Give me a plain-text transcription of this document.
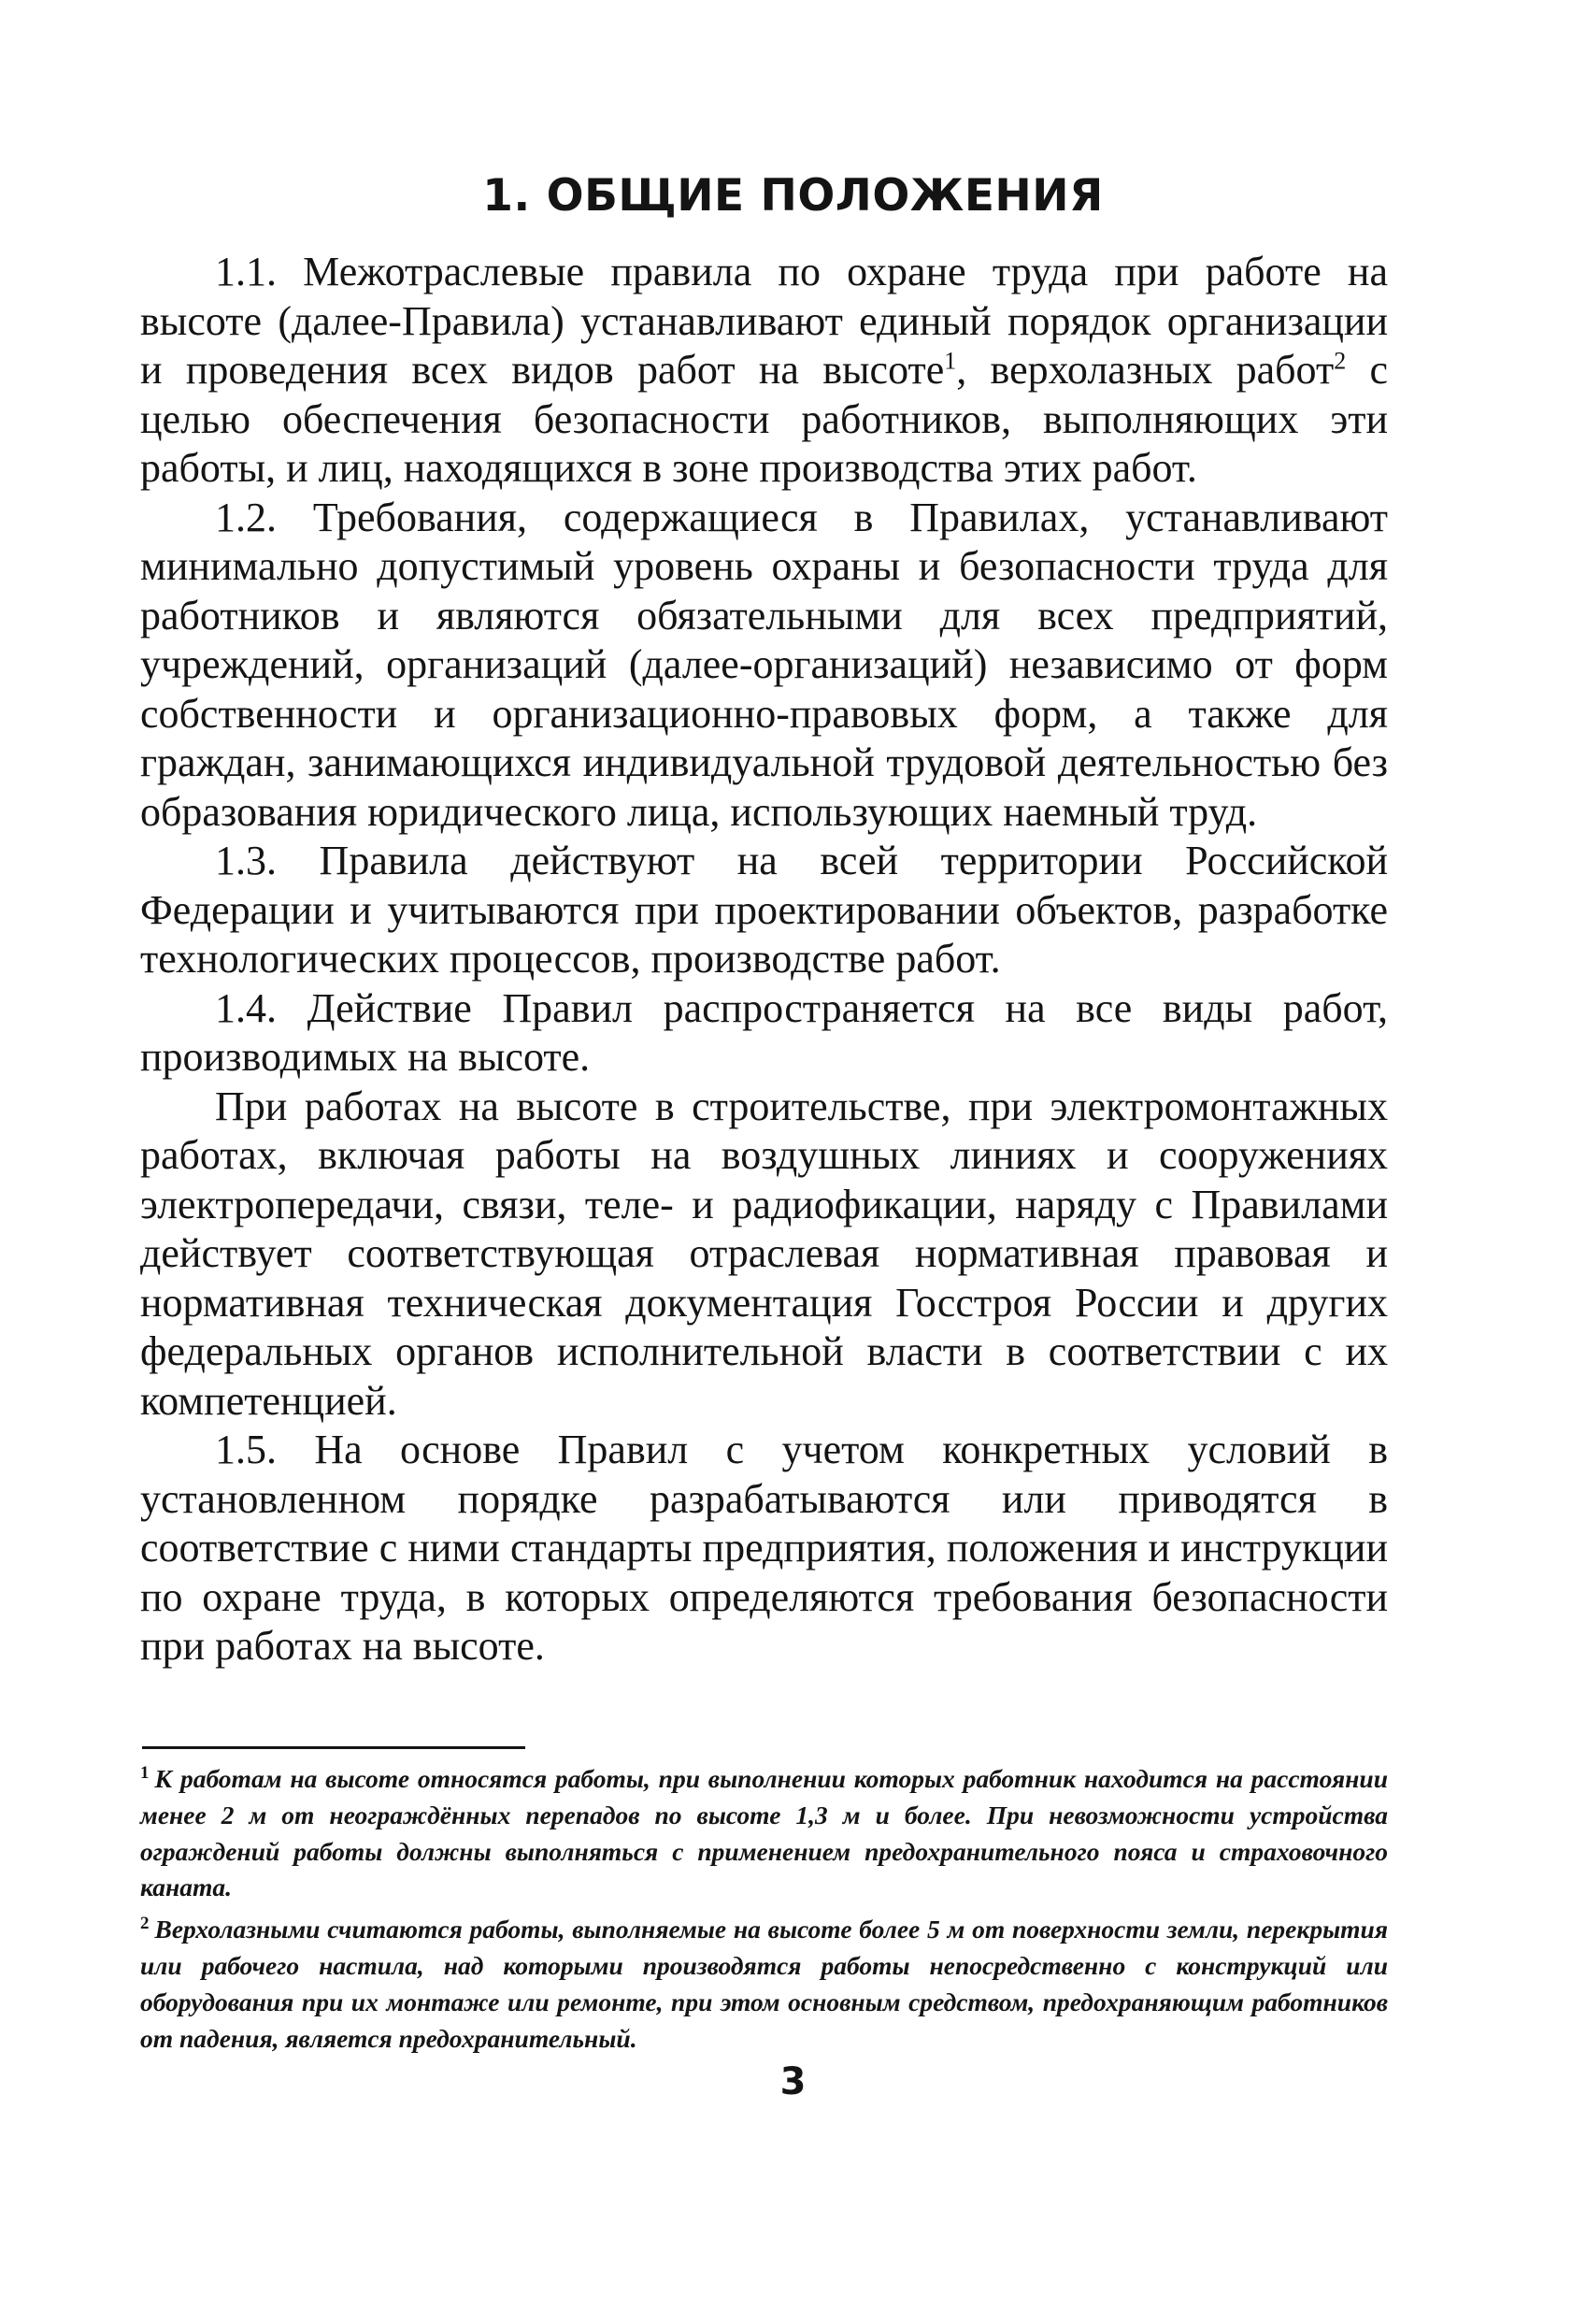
1. ОБЩИЕ ПОЛОЖЕНИЯ

1.1. Межотраслевые правила по охране труда при работе на высоте (далее-Правила) устанавливают единый порядок организации и проведения всех видов работ на высоте$^1$, верхолазных работ$^2$ с целью обеспечения безопасности работников, выполняющих эти работы, и лиц, находящихся в зоне производства этих работ.

1.2. Требования, содержащиеся в Правилах, устанавливают минимально допустимый уровень охраны и безопасности труда для работников и являются обязательными для всех предприятий, учреждений, организаций (далее-организаций) независимо от форм собственности и организационно-правовых форм, а также для граждан, занимающихся индивидуальной трудовой деятельностью без образования юридического лица, использующих наемный труд.

1.3. Правила действуют на всей территории Российской Федерации и учитываются при проектировании объектов, разработке технологических процессов, производстве работ.

1.4. Действие Правил распространяется на все виды работ, производимых на высоте.

При работах на высоте в строительстве, при электромонтажных работах, включая работы на воздушных линиях и сооружениях электропередачи, связи, теле- и радиофикации, наряду с Правилами действует соответствующая отраслевая нормативная правовая и нормативная техническая документация Госстроя России и других федеральных органов исполнительной власти в соответствии с их компетенцией.

1.5. На основе Правил с учетом конкретных условий в установленном порядке разрабатываются или приводятся в соответствие с ними стандарты предприятия, положения и инструкции по охране труда, в которых определяются требования безопасности при работах на высоте.

$^1$ К работам на высоте относятся работы, при выполнении которых работник находится на расстоянии менее 2 м от неограждённых перепадов по высоте 1,3 м и более. При невозможности устройства ограждений работы должны выполняться с применением предохранительного пояса и страховочного каната.

$^2$ Верхолазными считаются работы, выполняемые на высоте более 5 м от поверхности земли, перекрытия или рабочего настила, над которыми производятся работы непосредственно с конструкций или оборудования при их монтаже или ремонте, при этом основным средством, предохраняющим работников от падения, является предохранительный.

3
